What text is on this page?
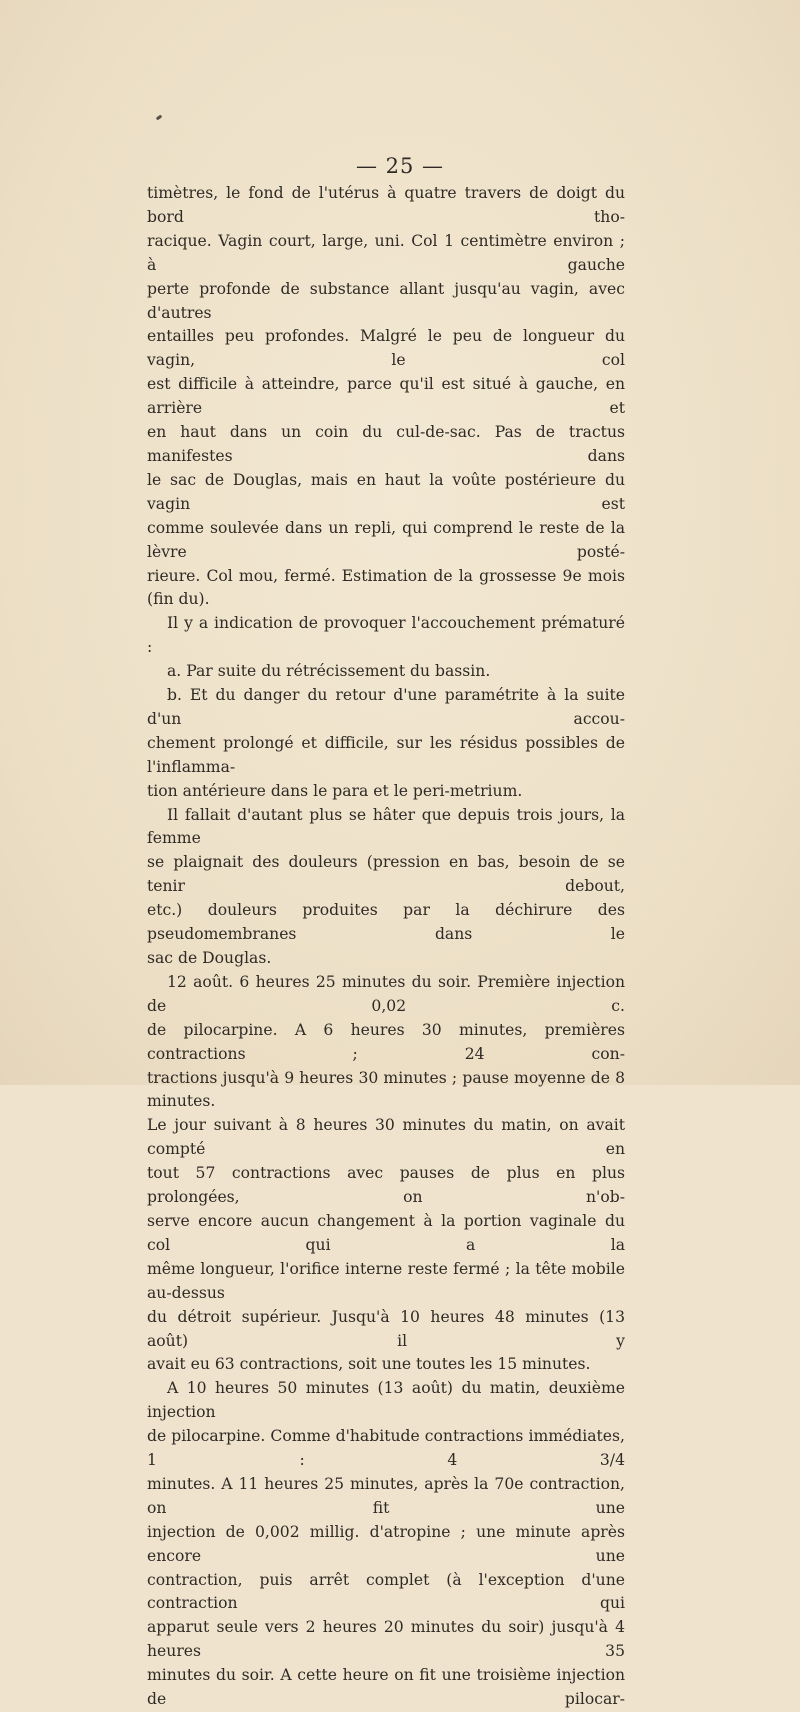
— 25 —

timètres, le fond de l'utérus à quatre travers de doigt du bord tho-

racique. Vagin court, large, uni. Col 1 centimètre environ ; à gauche

perte profonde de substance allant jusqu'au vagin, avec d'autres

entailles peu profondes. Malgré le peu de longueur du vagin, le col

est difficile à atteindre, parce qu'il est situé à gauche, en arrière et

en haut dans un coin du cul-de-sac. Pas de tractus manifestes dans

le sac de Douglas, mais en haut la voûte postérieure du vagin est

comme soulevée dans un repli, qui comprend le reste de la lèvre posté-

rieure. Col mou, fermé. Estimation de la grossesse 9e mois (fin du).

Il y a indication de provoquer l'accouchement prématuré :

a. Par suite du rétrécissement du bassin.

b. Et du danger du retour d'une paramétrite à la suite d'un accou-

chement prolongé et difficile, sur les résidus possibles de l'inflamma-

tion antérieure dans le para et le peri-metrium.

Il fallait d'autant plus se hâter que depuis trois jours, la femme

se plaignait des douleurs (pression en bas, besoin de se tenir debout,

etc.) douleurs produites par la déchirure des pseudomembranes dans le

sac de Douglas.

12 août. 6 heures 25 minutes du soir. Première injection de 0,02 c.

de pilocarpine. A 6 heures 30 minutes, premières contractions ; 24 con-

tractions jusqu'à 9 heures 30 minutes ; pause moyenne de 8 minutes.

Le jour suivant à 8 heures 30 minutes du matin, on avait compté en

tout 57 contractions avec pauses de plus en plus prolongées, on n'ob-

serve encore aucun changement à la portion vaginale du col qui a la

même longueur, l'orifice interne reste fermé ; la tête mobile au-dessus

du détroit supérieur. Jusqu'à 10 heures 48 minutes (13 août) il y

avait eu 63 contractions, soit une toutes les 15 minutes.

A 10 heures 50 minutes (13 août) du matin, deuxième injection

de pilocarpine. Comme d'habitude contractions immédiates, 1 : 4 3/4

minutes. A 11 heures 25 minutes, après la 70e contraction, on fit une

injection de 0,002 millig. d'atropine ; une minute après encore une

contraction, puis arrêt complet (à l'exception d'une contraction qui

apparut seule vers 2 heures 20 minutes du soir) jusqu'à 4 heures 35

minutes du soir. A cette heure on fit une troisième injection de pilocar-
